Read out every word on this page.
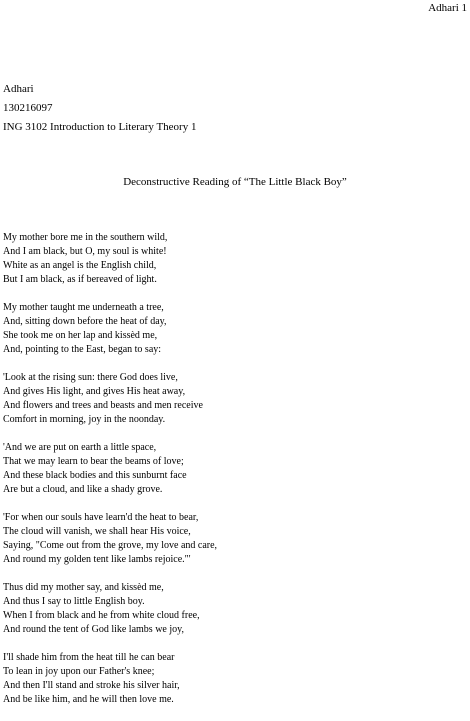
Adhari 1
Adhari
130216097
ING 3102 Introduction to Literary Theory 1
Deconstructive Reading of “The Little Black Boy”
My mother bore me in the southern wild,
And I am black, but O, my soul is white!
White as an angel is the English child,
But I am black, as if bereaved of light.
My mother taught me underneath a tree,
And, sitting down before the heat of day,
She took me on her lap and kissèd me,
And, pointing to the East, began to say:
'Look at the rising sun: there God does live,
And gives His light, and gives His heat away,
And flowers and trees and beasts and men receive
Comfort in morning, joy in the noonday.
'And we are put on earth a little space,
That we may learn to bear the beams of love;
And these black bodies and this sunburnt face
Are but a cloud, and like a shady grove.
'For when our souls have learn'd the heat to bear,
The cloud will vanish, we shall hear His voice,
Saying, "Come out from the grove, my love and care,
And round my golden tent like lambs rejoice."'
Thus did my mother say, and kissèd me,
And thus I say to little English boy.
When I from black and he from white cloud free,
And round the tent of God like lambs we joy,
I'll shade him from the heat till he can bear
To lean in joy upon our Father's knee;
And then I'll stand and stroke his silver hair,
And be like him, and he will then love me.
